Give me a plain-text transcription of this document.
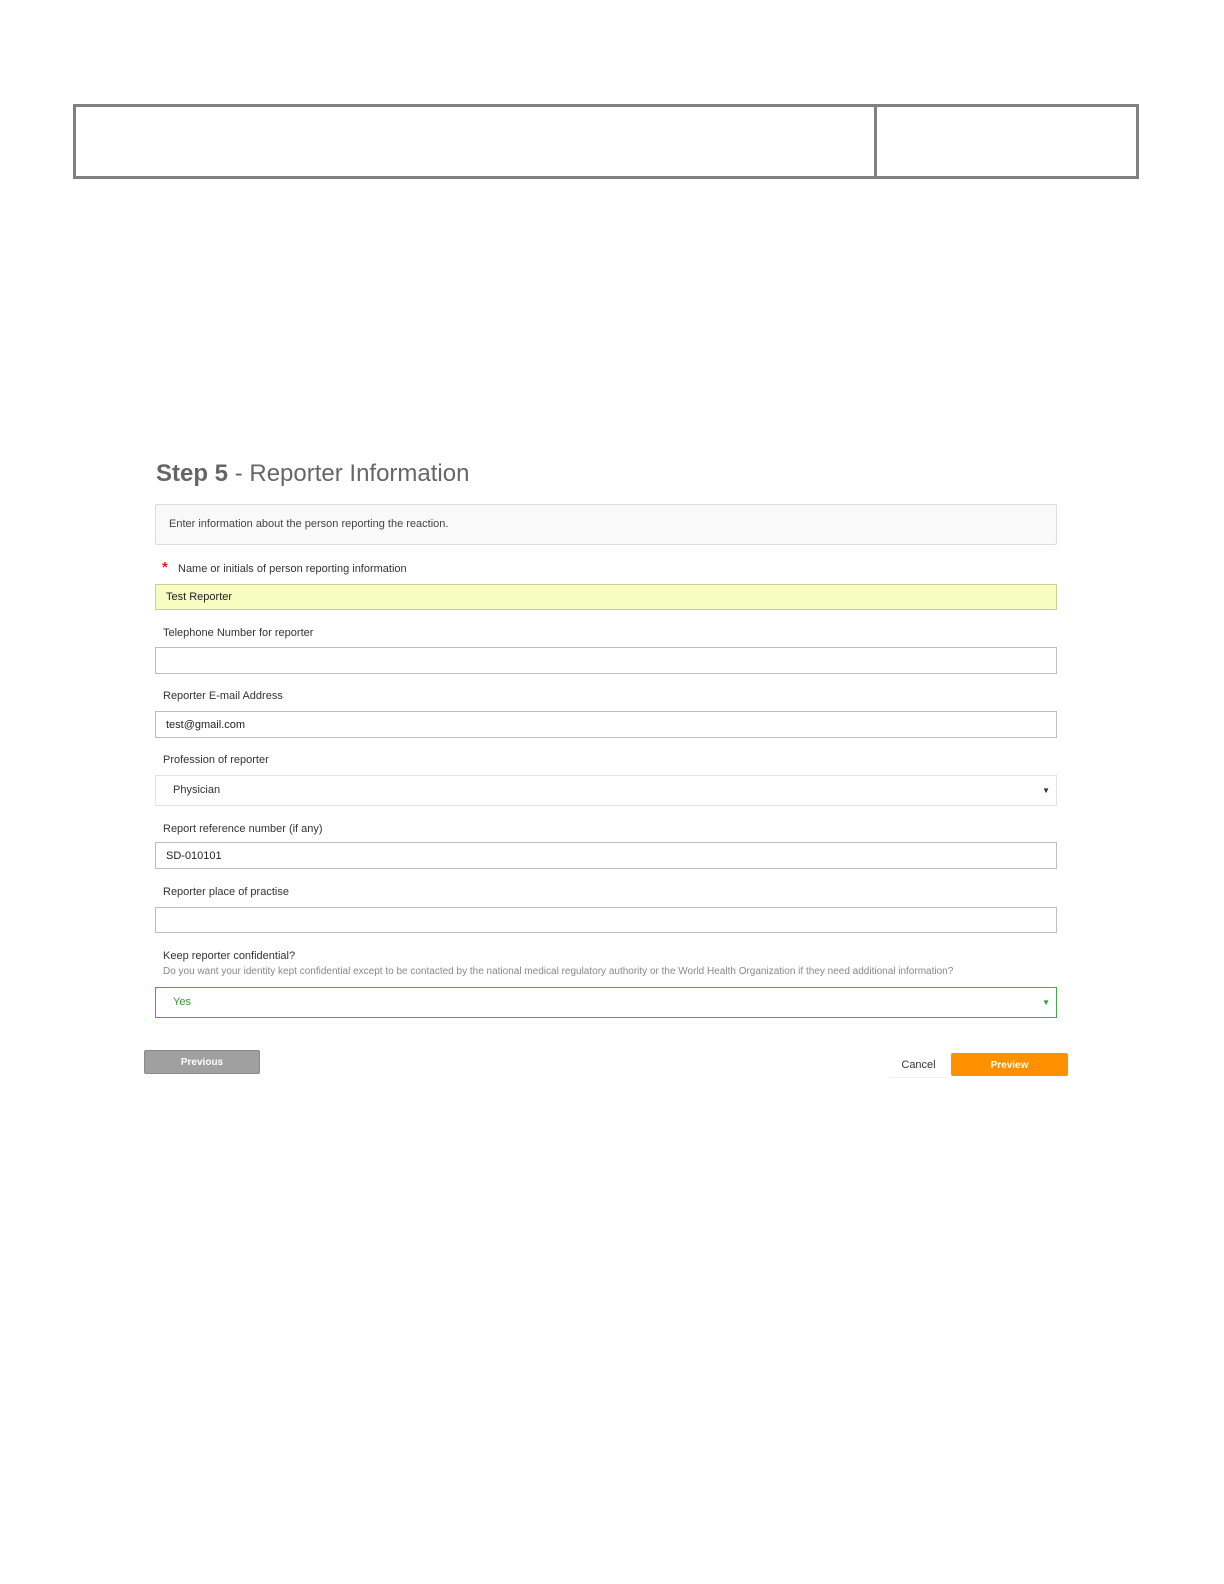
Step 5 - Reporter Information
Enter information about the person reporting the reaction.
* Name or initials of person reporting information
Test Reporter
Telephone Number for reporter
Reporter E-mail Address
test@gmail.com
Profession of reporter
Physician	▼
Report reference number (if any)
SD-010101
Reporter place of practise
Keep reporter confidential?
Do you want your identity kept confidential except to be contacted by the national medical regulatory authority or the World Health Organization if they need additional information?
Yes	▼
Previous	Cancel	Preview
